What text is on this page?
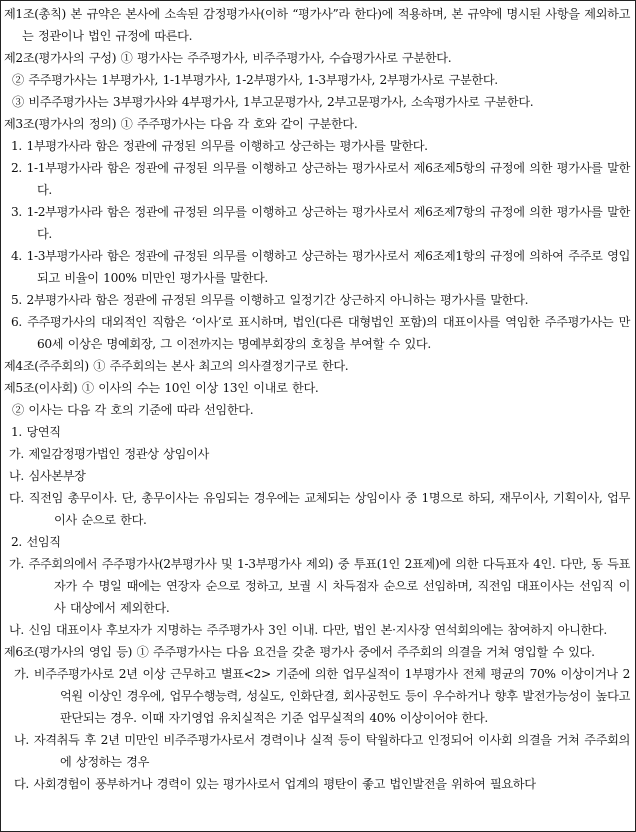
제1조(총칙) 본 규약은 본사에 소속된 감정평가사(이하 “평가사”라 한다)에 적용하며, 본 규약에 명시된 사항을 제외하고는 정관이나 법인 규정에 따른다.

제2조(평가사의 구성) ① 평가사는 주주평가사, 비주주평가사, 수습평가사로 구분한다.

② 주주평가사는 1부평가사, 1-1부평가사, 1-2부평가사, 1-3부평가사, 2부평가사로 구분한다.

③ 비주주평가사는 3부평가사와 4부평가사, 1부고문평가사, 2부고문평가사, 소속평가사로 구분한다.

제3조(평가사의 정의) ① 주주평가사는 다음 각 호와 같이 구분한다.

1. 1부평가사라 함은 정관에 규정된 의무를 이행하고 상근하는 평가사를 말한다.

2. 1-1부평가사라 함은 정관에 규정된 의무를 이행하고 상근하는 평가사로서 제6조제5항의 규정에 의한 평가사를 말한다.

3. 1-2부평가사라 함은 정관에 규정된 의무를 이행하고 상근하는 평가사로서 제6조제7항의 규정에 의한 평가사를 말한다.

4. 1-3부평가사라 함은 정관에 규정된 의무를 이행하고 상근하는 평가사로서 제6조제1항의 규정에 의하여 주주로 영입되고 비율이 100% 미만인 평가사를 말한다.

5. 2부평가사라 함은 정관에 규정된 의무를 이행하고 일정기간 상근하지 아니하는 평가사를 말한다.

6. 주주평가사의 대외적인 직함은 ‘이사’로 표시하며, 법인(다른 대형법인 포함)의 대표이사를 역임한 주주평가사는 만 60세 이상은 명예회장, 그 이전까지는 명예부회장의 호칭을 부여할 수 있다.

제4조(주주회의) ① 주주회의는 본사 최고의 의사결정기구로 한다.

제5조(이사회) ① 이사의 수는 10인 이상 13인 이내로 한다.

② 이사는 다음 각 호의 기준에 따라 선임한다.

1. 당연직

가. 제일감정평가법인 정관상 상임이사

나. 심사본부장

다. 직전임 총무이사. 단, 총무이사는 유임되는 경우에는 교체되는 상임이사 중 1명으로 하되, 재무이사, 기획이사, 업무이사 순으로 한다.

2. 선임직

가. 주주회의에서 주주평가사(2부평가사 및 1-3부평가사 제외) 중 투표(1인 2표제)에 의한 다득표자 4인. 다만, 동 득표자가 수 명일 때에는 연장자 순으로 정하고, 보궐 시 차득점자 순으로 선임하며, 직전임 대표이사는 선임직 이사 대상에서 제외한다.

나. 신임 대표이사 후보자가 지명하는 주주평가사 3인 이내. 다만, 법인 본·지사장 연석회의에는 참여하지 아니한다.

제6조(평가사의 영입 등) ① 주주평가사는 다음 요건을 갖춘 평가사 중에서 주주회의 의결을 거쳐 영입할 수 있다.

가. 비주주평가사로 2년 이상 근무하고 별표<2> 기준에 의한 업무실적이 1부평가사 전체 평균의 70% 이상이거나 2억원 이상인 경우에, 업무수행능력, 성실도, 인화단결, 회사공헌도 등이 우수하거나 향후 발전가능성이 높다고 판단되는 경우. 이때 자기영업 유치실적은 기준 업무실적의 40% 이상이어야 한다.

나. 자격취득 후 2년 미만인 비주주평가사로서 경력이나 실적 등이 탁월하다고 인정되어 이사회 의결을 거쳐 주주회의에 상정하는 경우

다. 사회경험이 풍부하거나 경력이 있는 평가사로서 업계의 평탄이 좋고 법인발전을 위하여 필요하다
